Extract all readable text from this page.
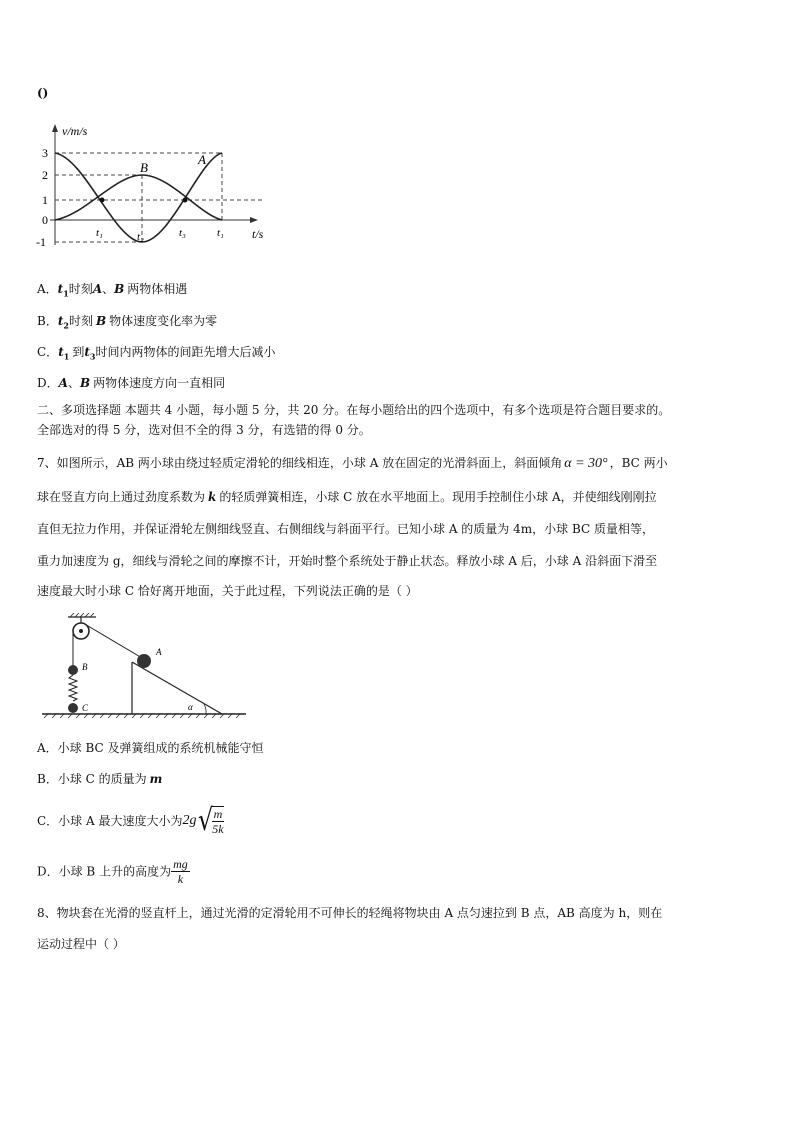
()
v/m/s
t/s
3
2
1
0
-1
t₁	t₂	t₃	t₁
A
B
A．$t_1$时刻A、B 两物体相遇
B．$t_2$时刻 B 物体速度变化率为零
C．$t_1$ 到$t_3$时间内两物体的间距先增大后减小
D．A、B 两物体速度方向一直相同
二、多项选择题 本题共 4 小题，每小题 5 分，共 20 分。在每小题给出的四个选项中，有多个选项是符合题目要求的。
全部选对的得 5 分，选对但不全的得 3 分，有选错的得 0 分。
7、如图所示，AB 两小球由绕过轻质定滑轮的细线相连，小球 A 放在固定的光滑斜面上，斜面倾角 α = 30° ，BC 两小
球在竖直方向上通过劲度系数为 k 的轻质弹簧相连，小球 C 放在水平地面上。现用手控制住小球 A，并使细线刚刚拉
直但无拉力作用，并保证滑轮左侧细线竖直、右侧细线与斜面平行。已知小球 A 的质量为 4m，小球 BC 质量相等，
重力加速度为 g，细线与滑轮之间的摩擦不计，开始时整个系统处于静止状态。释放小球 A 后，小球 A 沿斜面下滑至
速度最大时小球 C 恰好离开地面，关于此过程，下列说法正确的是（ ）
A
B
C	α
A．小球 BC 及弹簧组成的系统机械能守恒
B．小球 C 的质量为 m
C．小球 A 最大速度大小为2g√
$\frac{m}{5k}$
D．小球 B 上升的高度为 $\frac{mg}{k}$
8、物块套在光滑的竖直杆上，通过光滑的定滑轮用不可伸长的轻绳将物块由 A 点匀速拉到 B 点，AB 高度为 h，则在
运动过程中（ ）
